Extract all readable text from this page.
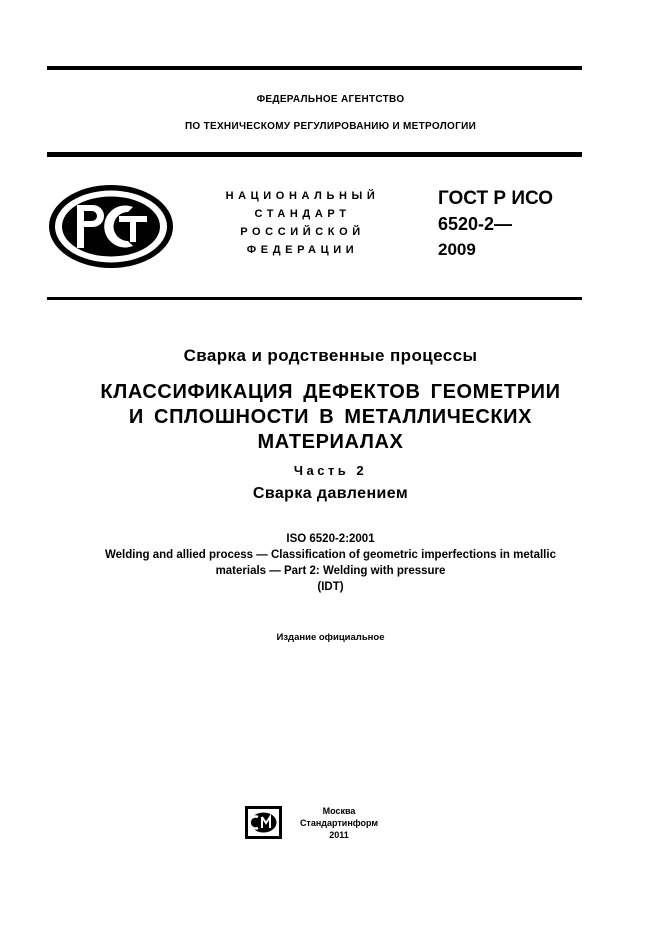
ФЕДЕРАЛЬНОЕ АГЕНТСТВО
ПО ТЕХНИЧЕСКОМУ РЕГУЛИРОВАНИЮ И МЕТРОЛОГИИ
НАЦИОНАЛЬНЫЙ
СТАНДАРТ
РОССИЙСКОЙ
ФЕДЕРАЦИИ
ГОСТ Р ИСО
6520-2—
2009
Сварка и родственные процессы
КЛАССИФИКАЦИЯ ДЕФЕКТОВ ГЕОМЕТРИИ
И СПЛОШНОСТИ В МЕТАЛЛИЧЕСКИХ
МАТЕРИАЛАХ
Часть 2
Сварка давлением
ISO 6520-2:2001
Welding and allied process — Classification of geometric imperfections in metallic
materials — Part 2: Welding with pressure
(IDT)
Издание официальное
Москва
Стандартинформ
2011
